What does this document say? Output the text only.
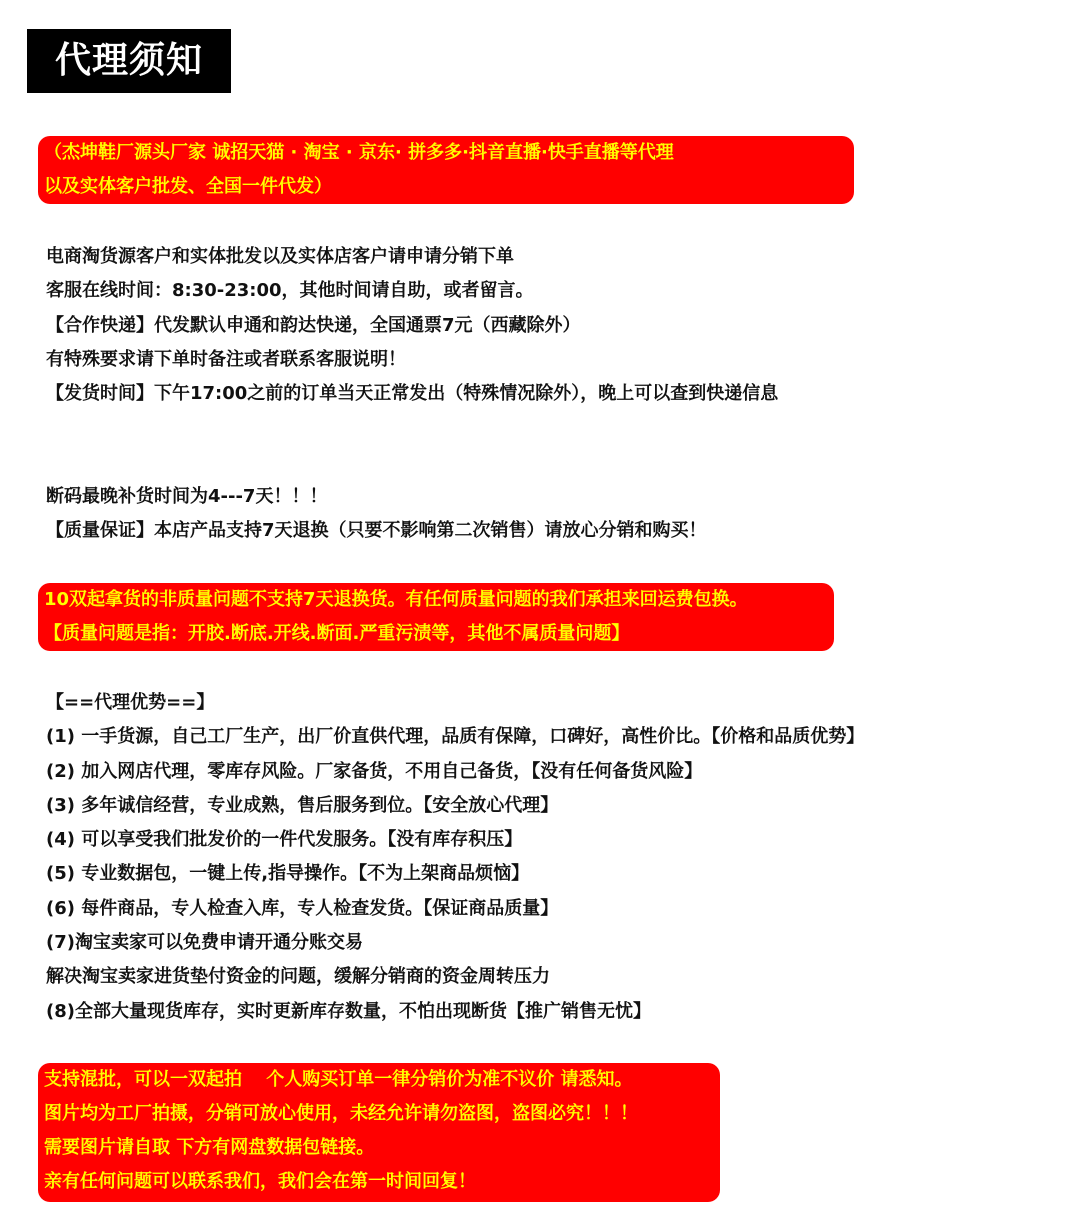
代理须知
（杰坤鞋厂源头厂家 诚招天猫 · 淘宝 · 京东· 拼多多·抖音直播·快手直播等代理
以及实体客户批发、全国一件代发）
电商淘货源客户和实体批发以及实体店客户请申请分销下单
客服在线时间：8:30-23:00，其他时间请自助，或者留言。
【合作快递】代发默认申通和韵达快递，全国通票7元（西藏除外）
有特殊要求请下单时备注或者联系客服说明！
【发货时间】下午17:00之前的订单当天正常发出（特殊情况除外），晚上可以查到快递信息
断码最晚补货时间为4---7天！！！
【质量保证】本店产品支持7天退换（只要不影响第二次销售）请放心分销和购买！
10双起拿货的非质量问题不支持7天退换货。有任何质量问题的我们承担来回运费包换。
【质量问题是指：开胶.断底.开线.断面.严重污渍等，其他不属质量问题】
【==代理优势==】
(1) 一手货源，自己工厂生产，出厂价直供代理，品质有保障，口碑好，高性价比。【价格和品质优势】
(2) 加入网店代理，零库存风险。厂家备货，不用自己备货，【没有任何备货风险】
(3) 多年诚信经营，专业成熟，售后服务到位。【安全放心代理】
(4) 可以享受我们批发价的一件代发服务。【没有库存积压】
(5) 专业数据包，一键上传,指导操作。【不为上架商品烦恼】
(6) 每件商品，专人检查入库，专人检查发货。【保证商品质量】
(7)淘宝卖家可以免费申请开通分账交易
解决淘宝卖家进货垫付资金的问题，缓解分销商的资金周转压力
(8)全部大量现货库存，实时更新库存数量，不怕出现断货【推广销售无忧】
支持混批，可以一双起拍　 个人购买订单一律分销价为准不议价 请悉知。
图片均为工厂拍摄，分销可放心使用，未经允许请勿盗图，盗图必究！！！
需要图片请自取 下方有网盘数据包链接。
亲有任何问题可以联系我们，我们会在第一时间回复！
